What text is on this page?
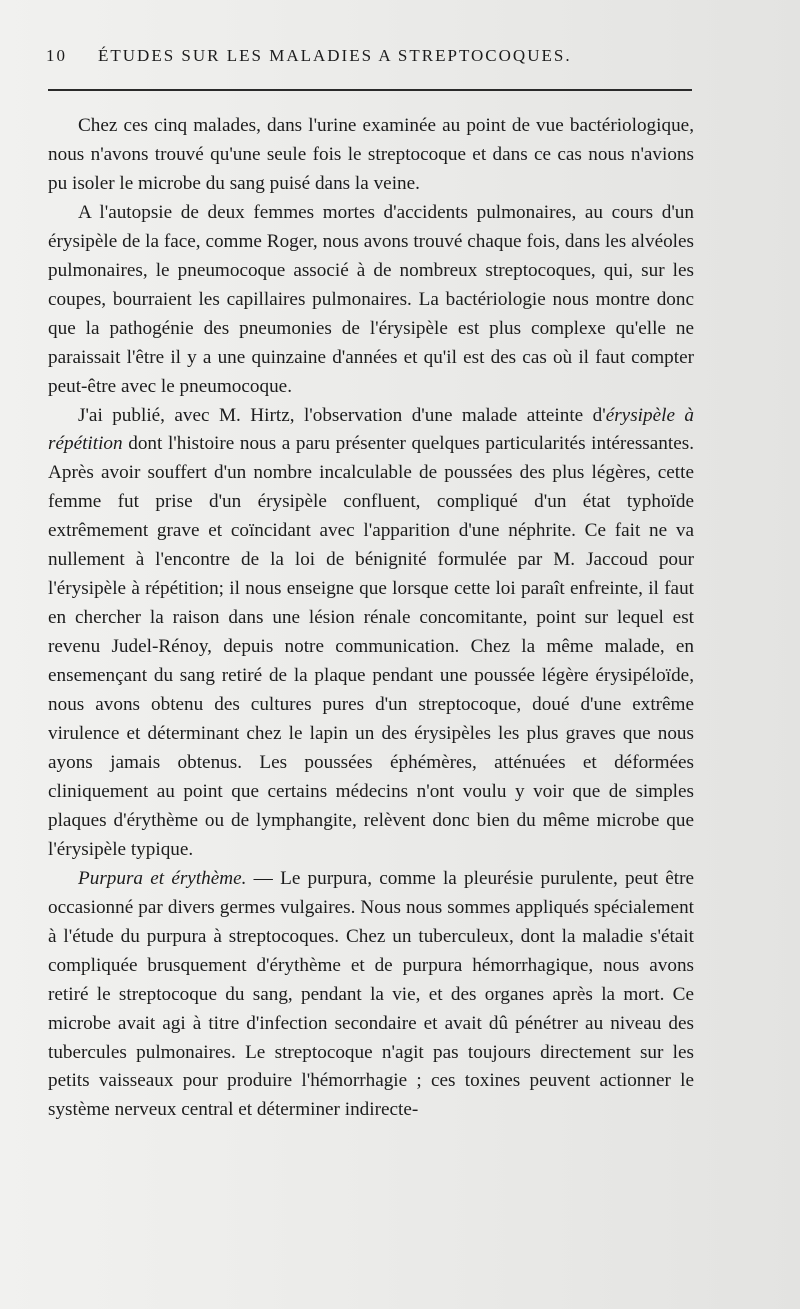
10 ÉTUDES SUR LES MALADIES A STREPTOCOQUES.

Chez ces cinq malades, dans l'urine examinée au point de vue bactériologique, nous n'avons trouvé qu'une seule fois le streptocoque et dans ce cas nous n'avions pu isoler le microbe du sang puisé dans la veine.

A l'autopsie de deux femmes mortes d'accidents pulmonaires, au cours d'un érysipèle de la face, comme Roger, nous avons trouvé chaque fois, dans les alvéoles pulmonaires, le pneumocoque associé à de nombreux streptocoques, qui, sur les coupes, bourraient les capillaires pulmonaires. La bactériologie nous montre donc que la pathogénie des pneumonies de l'érysipèle est plus complexe qu'elle ne paraissait l'être il y a une quinzaine d'années et qu'il est des cas où il faut compter peut-être avec le pneumocoque.

J'ai publié, avec M. Hirtz, l'observation d'une malade atteinte d'érysipèle à répétition dont l'histoire nous a paru présenter quelques particularités intéressantes. Après avoir souffert d'un nombre incalculable de poussées des plus légères, cette femme fut prise d'un érysipèle confluent, compliqué d'un état typhoïde extrêmement grave et coïncidant avec l'apparition d'une néphrite. Ce fait ne va nullement à l'encontre de la loi de bénignité formulée par M. Jaccoud pour l'érysipèle à répétition; il nous enseigne que lorsque cette loi paraît enfreinte, il faut en chercher la raison dans une lésion rénale concomitante, point sur lequel est revenu Judel-Rénoy, depuis notre communication. Chez la même malade, en ensemençant du sang retiré de la plaque pendant une poussée légère érysipéloïde, nous avons obtenu des cultures pures d'un streptocoque, doué d'une extrême virulence et déterminant chez le lapin un des érysipèles les plus graves que nous ayons jamais obtenus. Les poussées éphémères, atténuées et déformées cliniquement au point que certains médecins n'ont voulu y voir que de simples plaques d'érythème ou de lymphangite, relèvent donc bien du même microbe que l'érysipèle typique.

Purpura et érythème. — Le purpura, comme la pleurésie purulente, peut être occasionné par divers germes vulgaires. Nous nous sommes appliqués spécialement à l'étude du purpura à streptocoques. Chez un tuberculeux, dont la maladie s'était compliquée brusquement d'érythème et de purpura hémorrhagique, nous avons retiré le streptocoque du sang, pendant la vie, et des organes après la mort. Ce microbe avait agi à titre d'infection secondaire et avait dû pénétrer au niveau des tubercules pulmonaires. Le streptocoque n'agit pas toujours directement sur les petits vaisseaux pour produire l'hémorrhagie ; ces toxines peuvent actionner le système nerveux central et déterminer indirecte-
